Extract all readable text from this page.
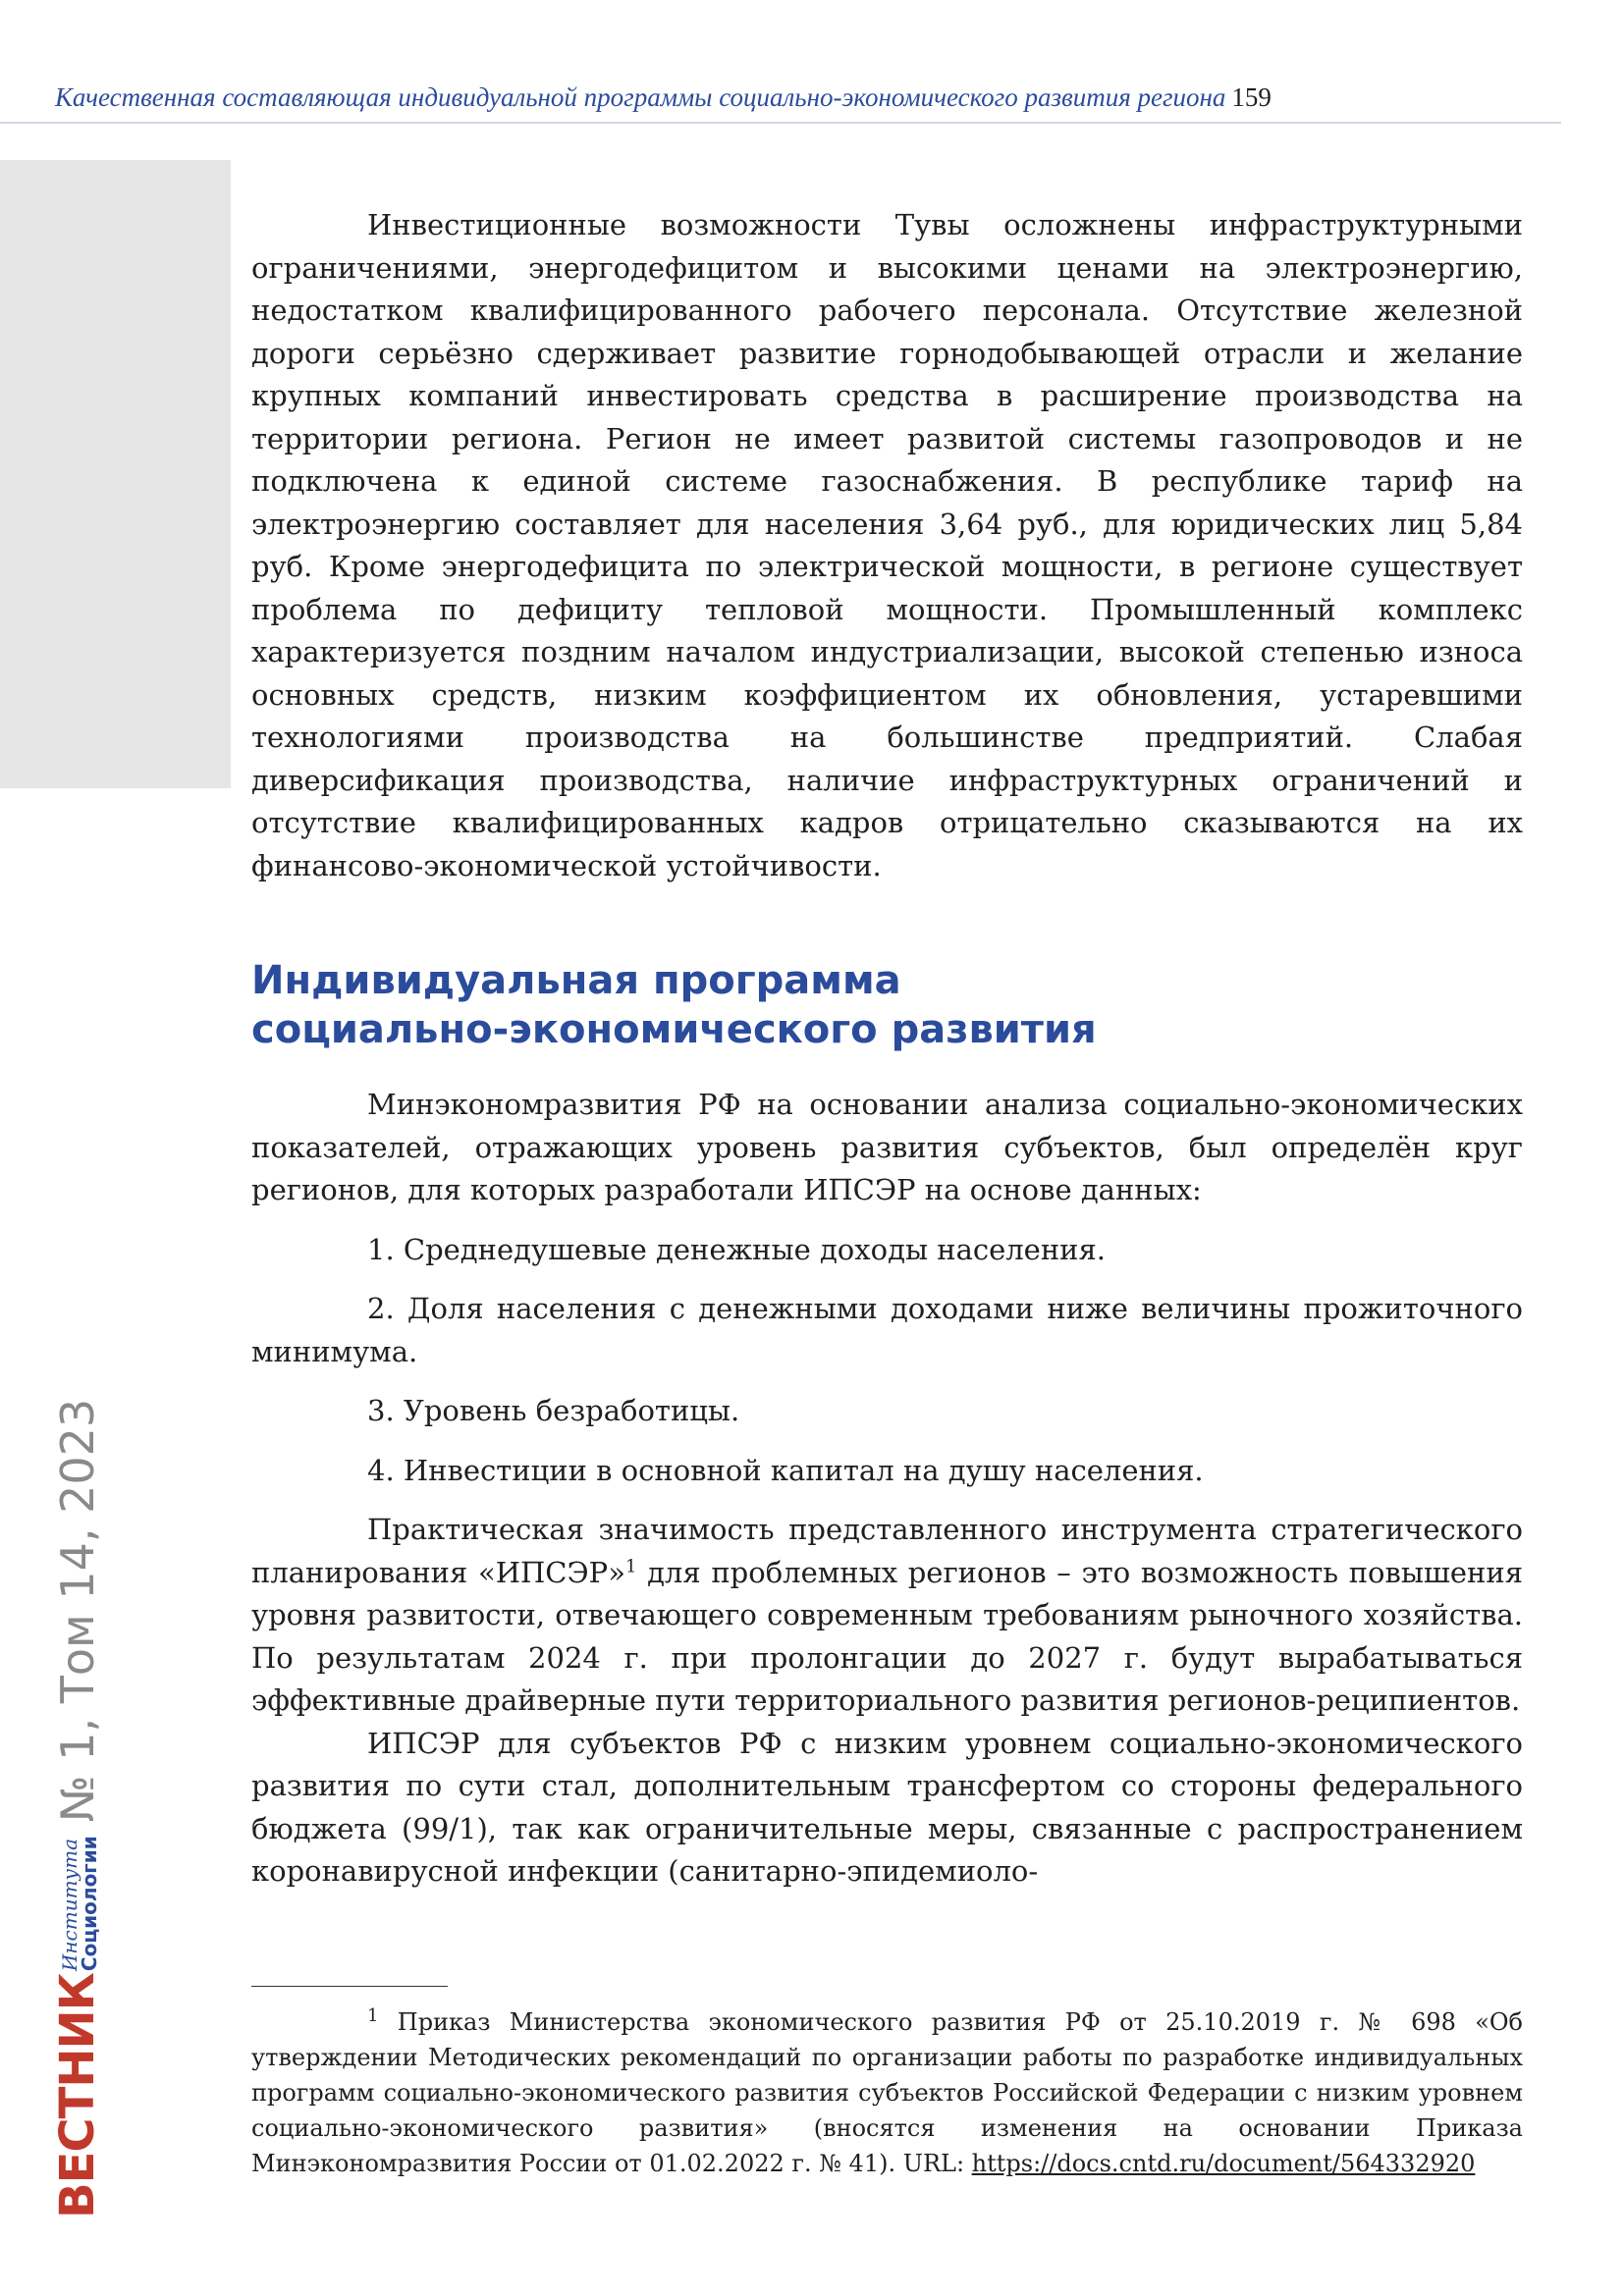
Качественная составляющая индивидуальной программы социально-экономического развития региона 159

Инвестиционные возможности Тувы осложнены инфраструктурными ограничениями, энергодефицитом и высокими ценами на электроэнергию, недостатком квалифицированного рабочего персонала. Отсутствие железной дороги серьёзно сдерживает развитие горнодобывающей отрасли и желание крупных компаний инвестировать средства в расширение производства на территории региона. Регион не имеет развитой системы газопроводов и не подключена к единой системе газоснабжения. В республике тариф на электроэнергию составляет для населения 3,64 руб., для юридических лиц 5,84 руб. Кроме энергодефицита по электрической мощности, в регионе существует проблема по дефициту тепловой мощности. Промышленный комплекс характеризуется поздним началом индустриализации, высокой степенью износа основных средств, низким коэффициентом их обновления, устаревшими технологиями производства на большинстве предприятий. Слабая диверсификация производства, наличие инфраструктурных ограничений и отсутствие квалифицированных кадров отрицательно сказываются на их финансово-экономической устойчивости.

Индивидуальная программа
социально-экономического развития

Минэкономразвития РФ на основании анализа социально-экономических показателей, отражающих уровень развития субъектов, был определён круг регионов, для которых разработали ИПСЭР на основе данных:

1. Среднедушевые денежные доходы населения.

2. Доля населения с денежными доходами ниже величины прожиточного минимума.

3. Уровень безработицы.

4. Инвестиции в основной капитал на душу населения.

Практическая значимость представленного инструмента стратегического планирования «ИПСЭР»$^1$ для проблемных регионов – это возможность повышения уровня развитости, отвечающего современным требованиям рыночного хозяйства. По результатам 2024 г. при пролонгации до 2027 г. будут вырабатываться эффективные драйверные пути территориального развития регионов-реципиентов.

ИПСЭР для субъектов РФ с низким уровнем социально-экономического развития по сути стал, дополнительным трансфертом со стороны федерального бюджета (99/1), так как ограничительные меры, связанные с распространением коронавирусной инфекции (санитарно-эпидемиоло-

$^1$ Приказ Министерства экономического развития РФ от 25.10.2019 г. № 698 «Об утверждении Методических рекомендаций по организации работы по разработке индивидуальных программ социально-экономического развития субъектов Российской Федерации с низким уровнем социально-экономического развития» (вносятся изменения на основании Приказа Минэкономразвития России от 01.02.2022 г. № 41). URL: https://docs.cntd.ru/document/564332920
ВЕСТНИК
Института
Социологии
№ 1, Том 14, 2023
